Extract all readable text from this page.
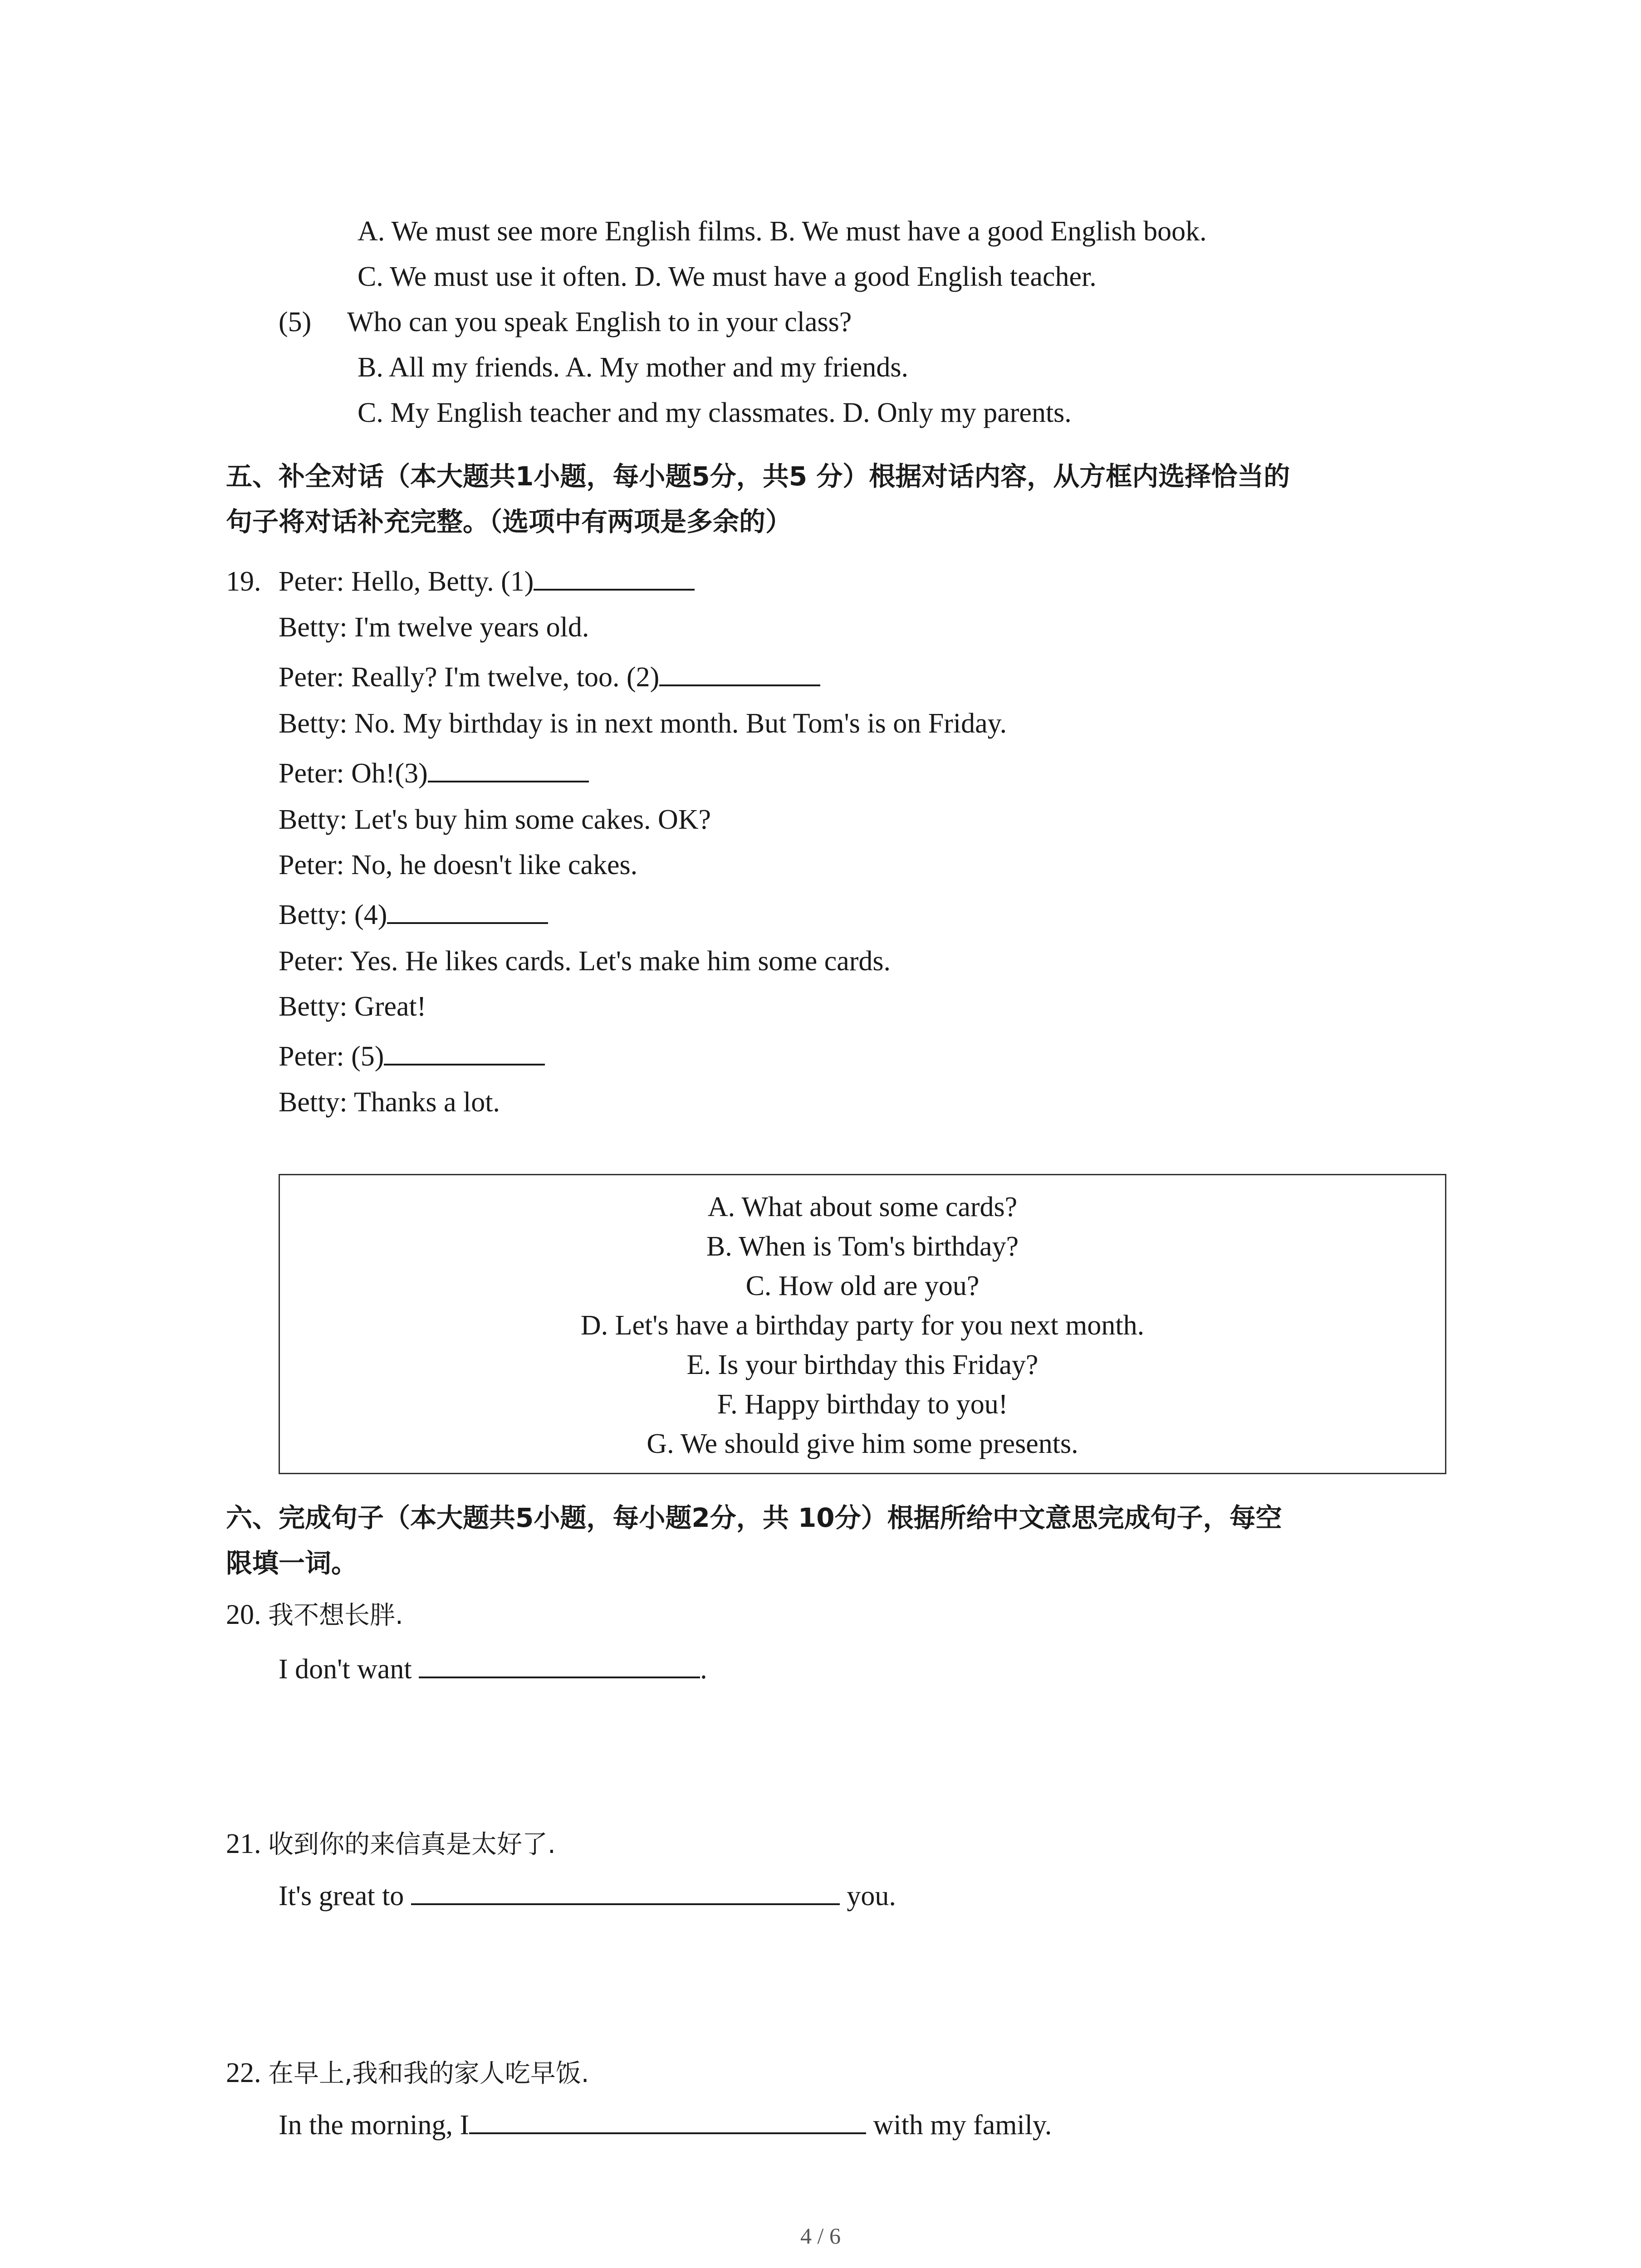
A. We must see more English films. B. We must have a good English book.
C. We must use it often. D. We must have a good English teacher.
(5) Who can you speak English to in your class?
B. All my friends. A. My mother and my friends.
C. My English teacher and my classmates. D. Only my parents.
五、补全对话（本大题共1小题，每小题5分，共5 分）根据对话内容，从方框内选择恰当的
句子将对话补充完整。（选项中有两项是多余的）
19. Peter: Hello, Betty. (1)
Betty: I'm twelve years old.
Peter: Really? I'm twelve, too. (2)
Betty: No. My birthday is in next month. But Tom's is on Friday.
Peter: Oh!(3)
Betty: Let's buy him some cakes. OK?
Peter: No, he doesn't like cakes.
Betty: (4)
Peter: Yes. He likes cards. Let's make him some cards.
Betty: Great!
Peter: (5)
Betty: Thanks a lot.
A. What about some cards?
B. When is Tom's birthday?
C. How old are you?
D. Let's have a birthday party for you next month.
E. Is your birthday this Friday?
F. Happy birthday to you!
G. We should give him some presents.
六、完成句子（本大题共5小题，每小题2分，共 10分）根据所给中文意思完成句子，每空
限填一词。
20. 我不想长胖.
I don't want	.
21. 收到你的来信真是太好了.
It's great to	you.
22. 在早上,我和我的家人吃早饭.
In the morning, I	with my family.
4 / 6
